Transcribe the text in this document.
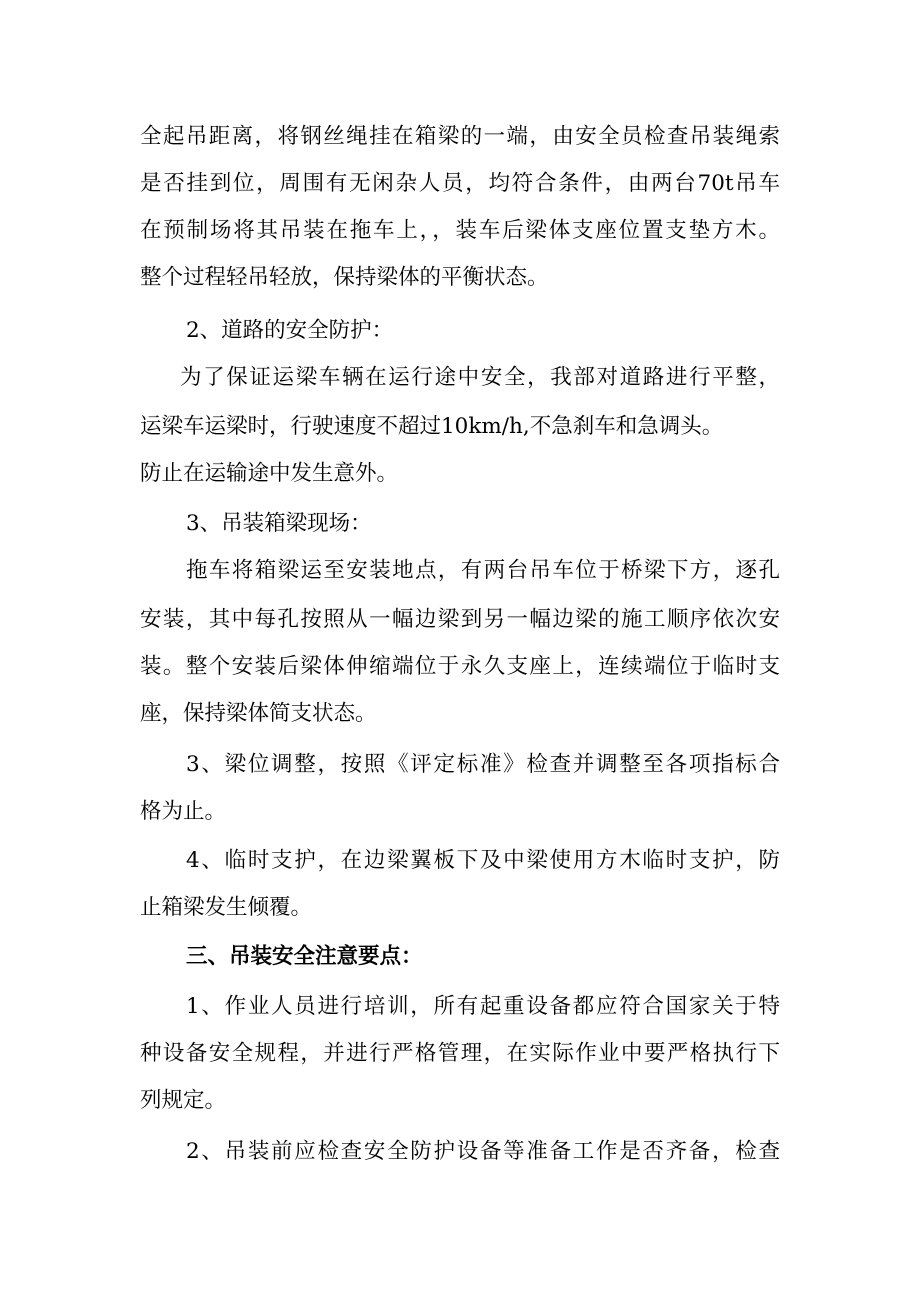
全起吊距离，将钢丝绳挂在箱梁的一端，由安全员检查吊装绳索
是否挂到位，周围有无闲杂人员，均符合条件，由两台70t吊车
在预制场将其吊装在拖车上，，装车后梁体支座位置支垫方木。
整个过程轻吊轻放，保持梁体的平衡状态。
2、道路的安全防护：
为了保证运梁车辆在运行途中安全，我部对道路进行平整，
运梁车运梁时，行驶速度不超过10km/h,不急刹车和急调头。
防止在运输途中发生意外。
3、吊装箱梁现场：
拖车将箱梁运至安装地点，有两台吊车位于桥梁下方，逐孔
安装，其中每孔按照从一幅边梁到另一幅边梁的施工顺序依次安
装。整个安装后梁体伸缩端位于永久支座上，连续端位于临时支
座，保持梁体简支状态。
3、梁位调整，按照《评定标准》检查并调整至各项指标合
格为止。
4、临时支护，在边梁翼板下及中梁使用方木临时支护，防
止箱梁发生倾覆。
三、吊装安全注意要点：
1、作业人员进行培训，所有起重设备都应符合国家关于特
种设备安全规程，并进行严格管理，在实际作业中要严格执行下
列规定。
2、吊装前应检查安全防护设备等准备工作是否齐备，检查
